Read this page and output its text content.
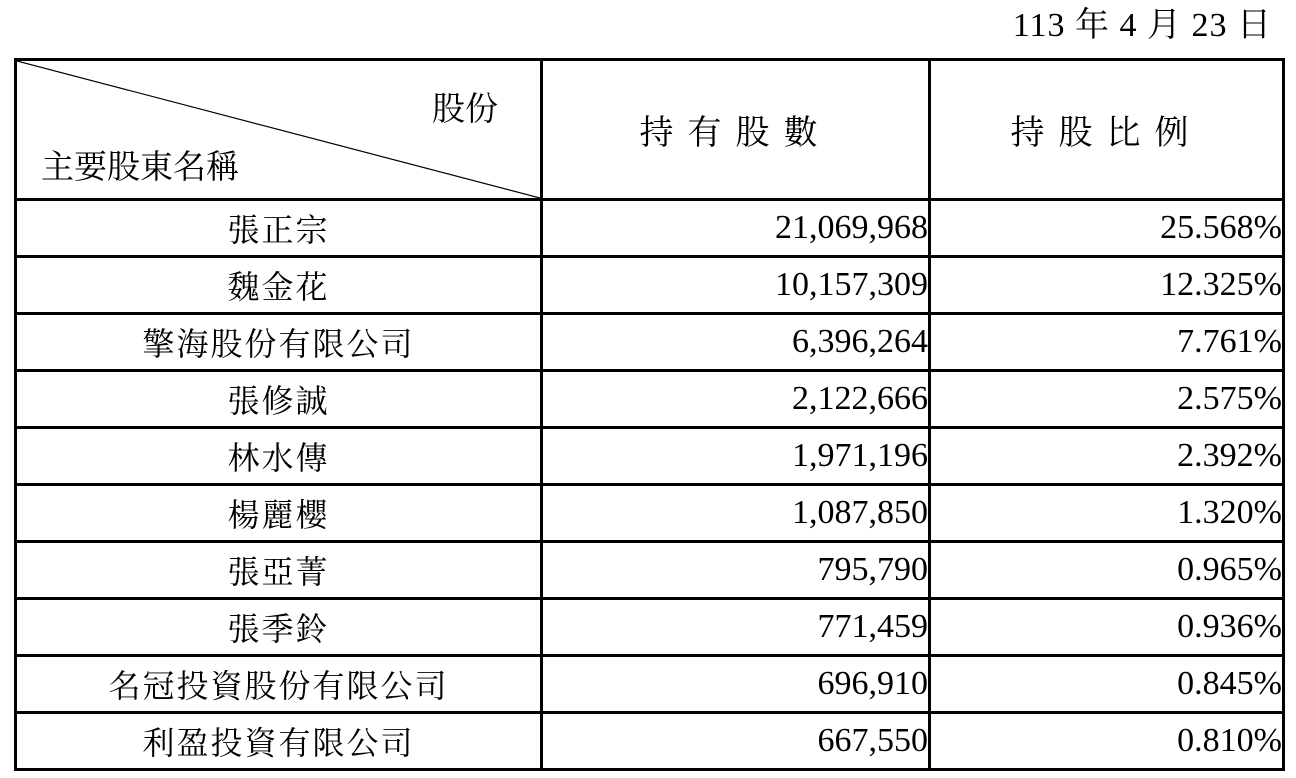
113 年 4 月 23 日
股份
主要股東名稱	持有股數	持股比例
張正宗	21,069,968	25.568%
魏金花	10,157,309	12.325%
擎海股份有限公司	6,396,264	7.761%
張修誠	2,122,666	2.575%
林水傳	1,971,196	2.392%
楊麗櫻	1,087,850	1.320%
張亞菁	795,790	0.965%
張季鈴	771,459	0.936%
名冠投資股份有限公司	696,910	0.845%
利盈投資有限公司	667,550	0.810%
